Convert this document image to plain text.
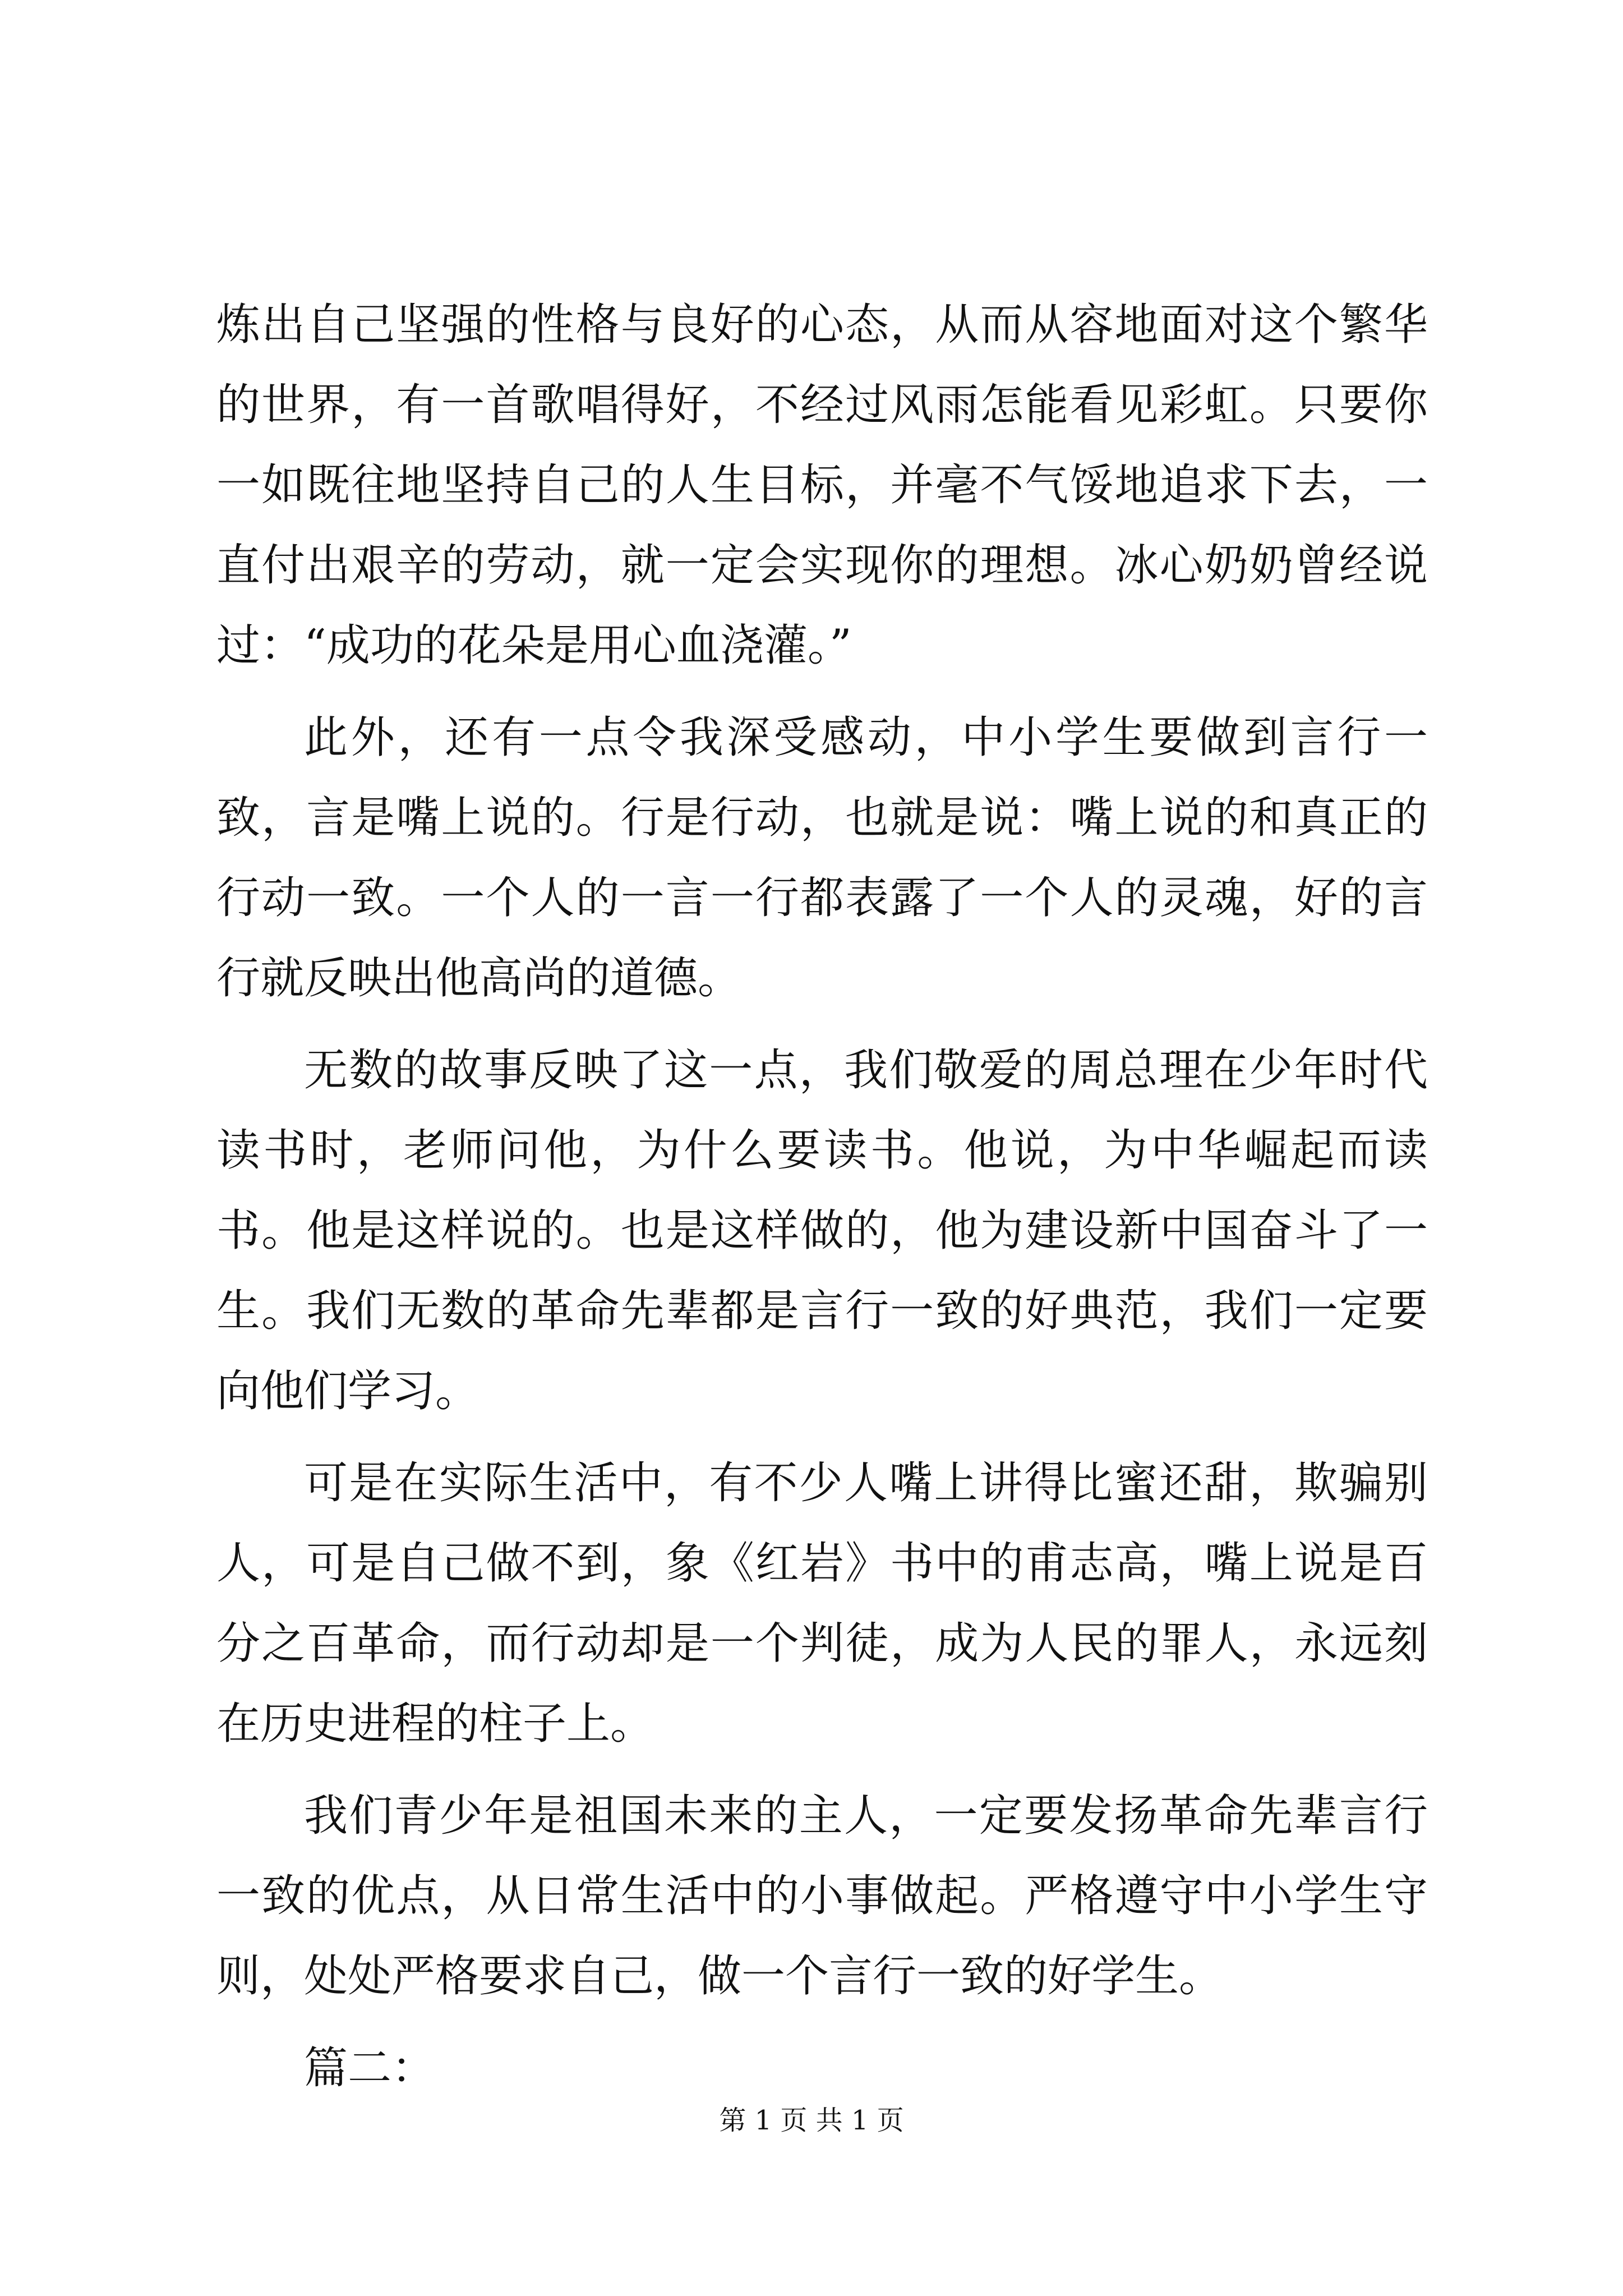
炼出自己坚强的性格与良好的心态，从而从容地面对这个繁华的世界，有一首歌唱得好，不经过风雨怎能看见彩虹。只要你一如既往地坚持自己的人生目标，并毫不气馁地追求下去，一直付出艰辛的劳动，就一定会实现你的理想。冰心奶奶曾经说过：“成功的花朵是用心血浇灌。”

此外，还有一点令我深受感动，中小学生要做到言行一致，言是嘴上说的。行是行动，也就是说：嘴上说的和真正的行动一致。一个人的一言一行都表露了一个人的灵魂，好的言行就反映出他高尚的道德。

无数的故事反映了这一点，我们敬爱的周总理在少年时代读书时，老师问他，为什么要读书。他说，为中华崛起而读书。他是这样说的。也是这样做的，他为建设新中国奋斗了一生。我们无数的革命先辈都是言行一致的好典范，我们一定要向他们学习。

可是在实际生活中，有不少人嘴上讲得比蜜还甜，欺骗别人，可是自己做不到，象《红岩》书中的甫志高，嘴上说是百分之百革命，而行动却是一个判徒，成为人民的罪人，永远刻在历史进程的柱子上。

我们青少年是祖国未来的主人，一定要发扬革命先辈言行一致的优点，从日常生活中的小事做起。严格遵守中小学生守则，处处严格要求自己，做一个言行一致的好学生。

篇二：

第 1 页 共 1 页
